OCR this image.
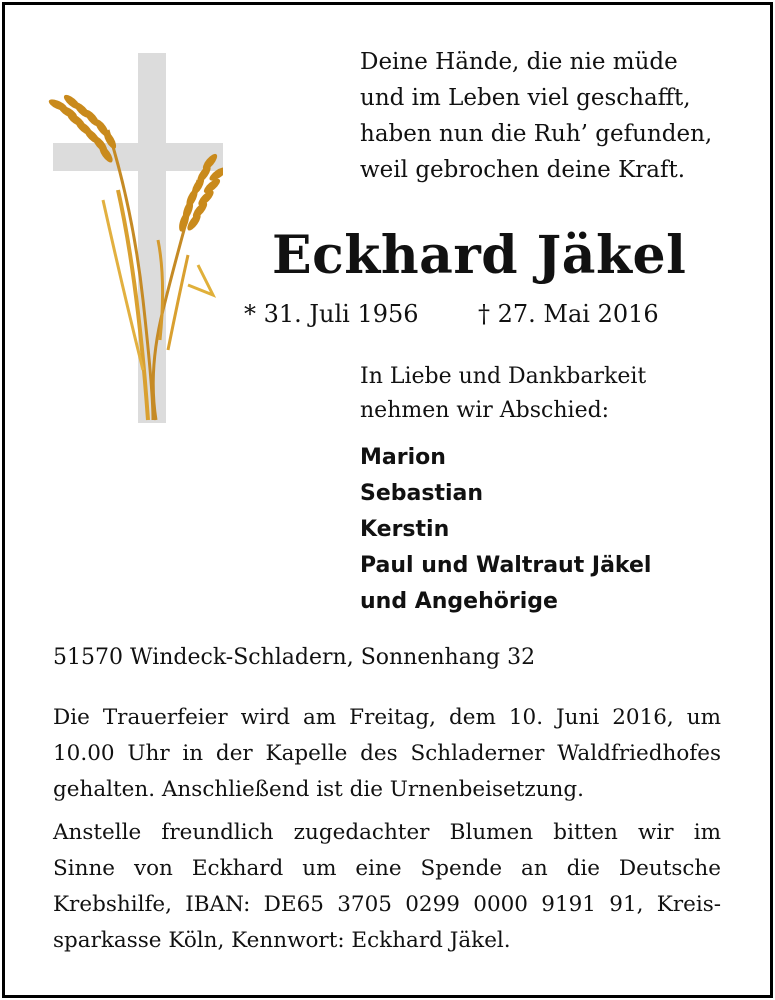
Deine Hände, die nie müde
und im Leben viel geschafft,
haben nun die Ruh’ gefunden,
weil gebrochen deine Kraft.
Eckhard Jäkel
* 31. Juli 1956 † 27. Mai 2016
In Liebe und Dankbarkeit
nehmen wir Abschied:
Marion
Sebastian
Kerstin
Paul und Waltraut Jäkel
und Angehörige
51570 Windeck-Schladern, Sonnenhang 32
Die Trauerfeier wird am Freitag, dem 10. Juni 2016, um
10.00 Uhr in der Kapelle des Schladerner Waldfriedhofes
gehalten. Anschließend ist die Urnenbeisetzung.
Anstelle freundlich zugedachter Blumen bitten wir im
Sinne von Eckhard um eine Spende an die Deutsche
Krebshilfe, IBAN: DE65 3705 0299 0000 9191 91, Kreis-
sparkasse Köln, Kennwort: Eckhard Jäkel.
